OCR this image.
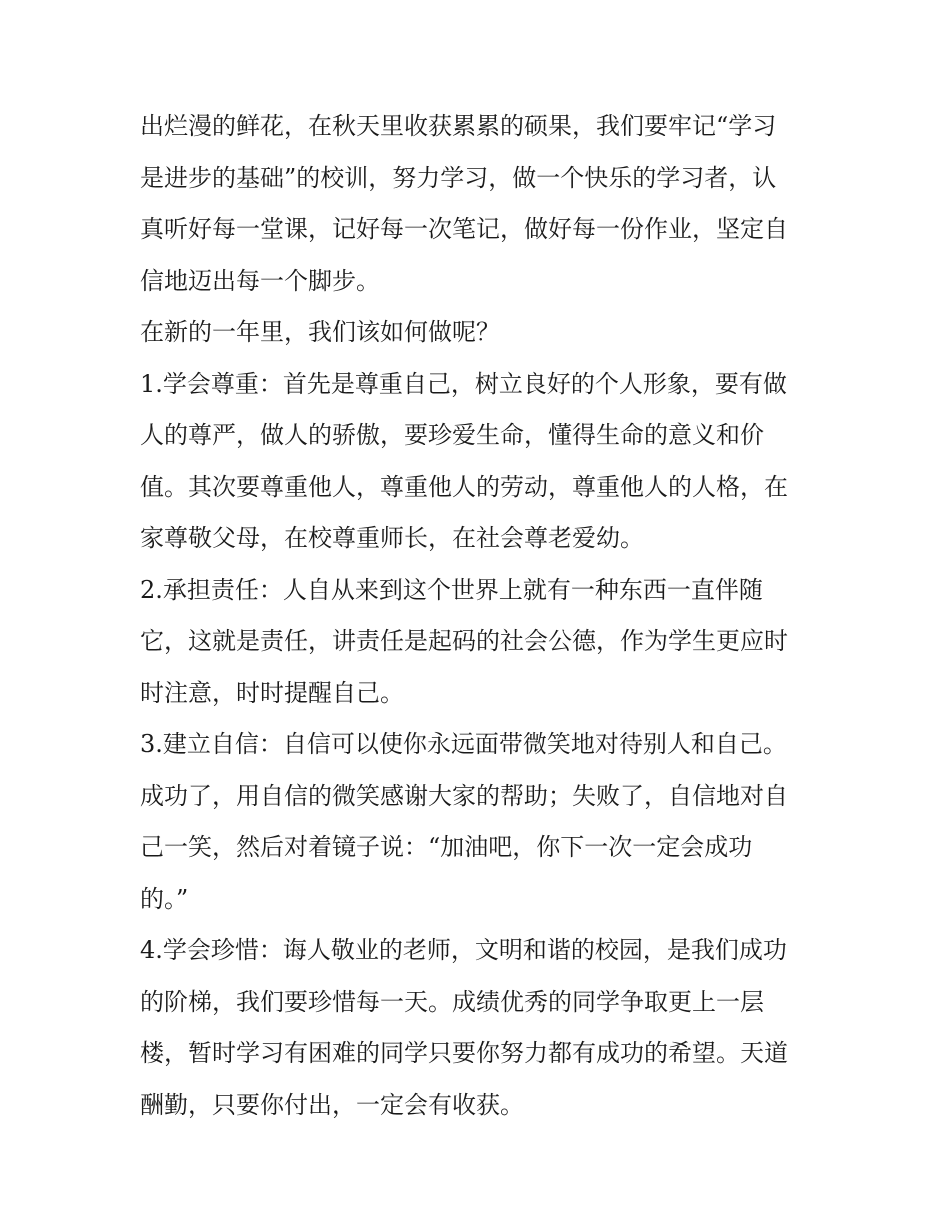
出烂漫的鲜花，在秋天里收获累累的硕果，我们要牢记“学习
是进步的基础”的校训，努力学习，做一个快乐的学习者，认
真听好每一堂课，记好每一次笔记，做好每一份作业，坚定自
信地迈出每一个脚步。
在新的一年里，我们该如何做呢？
1.学会尊重：首先是尊重自己，树立良好的个人形象，要有做
人的尊严，做人的骄傲，要珍爱生命，懂得生命的意义和价
值。其次要尊重他人，尊重他人的劳动，尊重他人的人格，在
家尊敬父母，在校尊重师长，在社会尊老爱幼。
2.承担责任：人自从来到这个世界上就有一种东西一直伴随
它，这就是责任，讲责任是起码的社会公德，作为学生更应时
时注意，时时提醒自己。
3.建立自信：自信可以使你永远面带微笑地对待别人和自己。
成功了，用自信的微笑感谢大家的帮助；失败了，自信地对自
己一笑，然后对着镜子说：“加油吧，你下一次一定会成功
的。”
4.学会珍惜：诲人敬业的老师，文明和谐的校园，是我们成功
的阶梯，我们要珍惜每一天。成绩优秀的同学争取更上一层
楼，暂时学习有困难的同学只要你努力都有成功的希望。天道
酬勤，只要你付出，一定会有收获。
